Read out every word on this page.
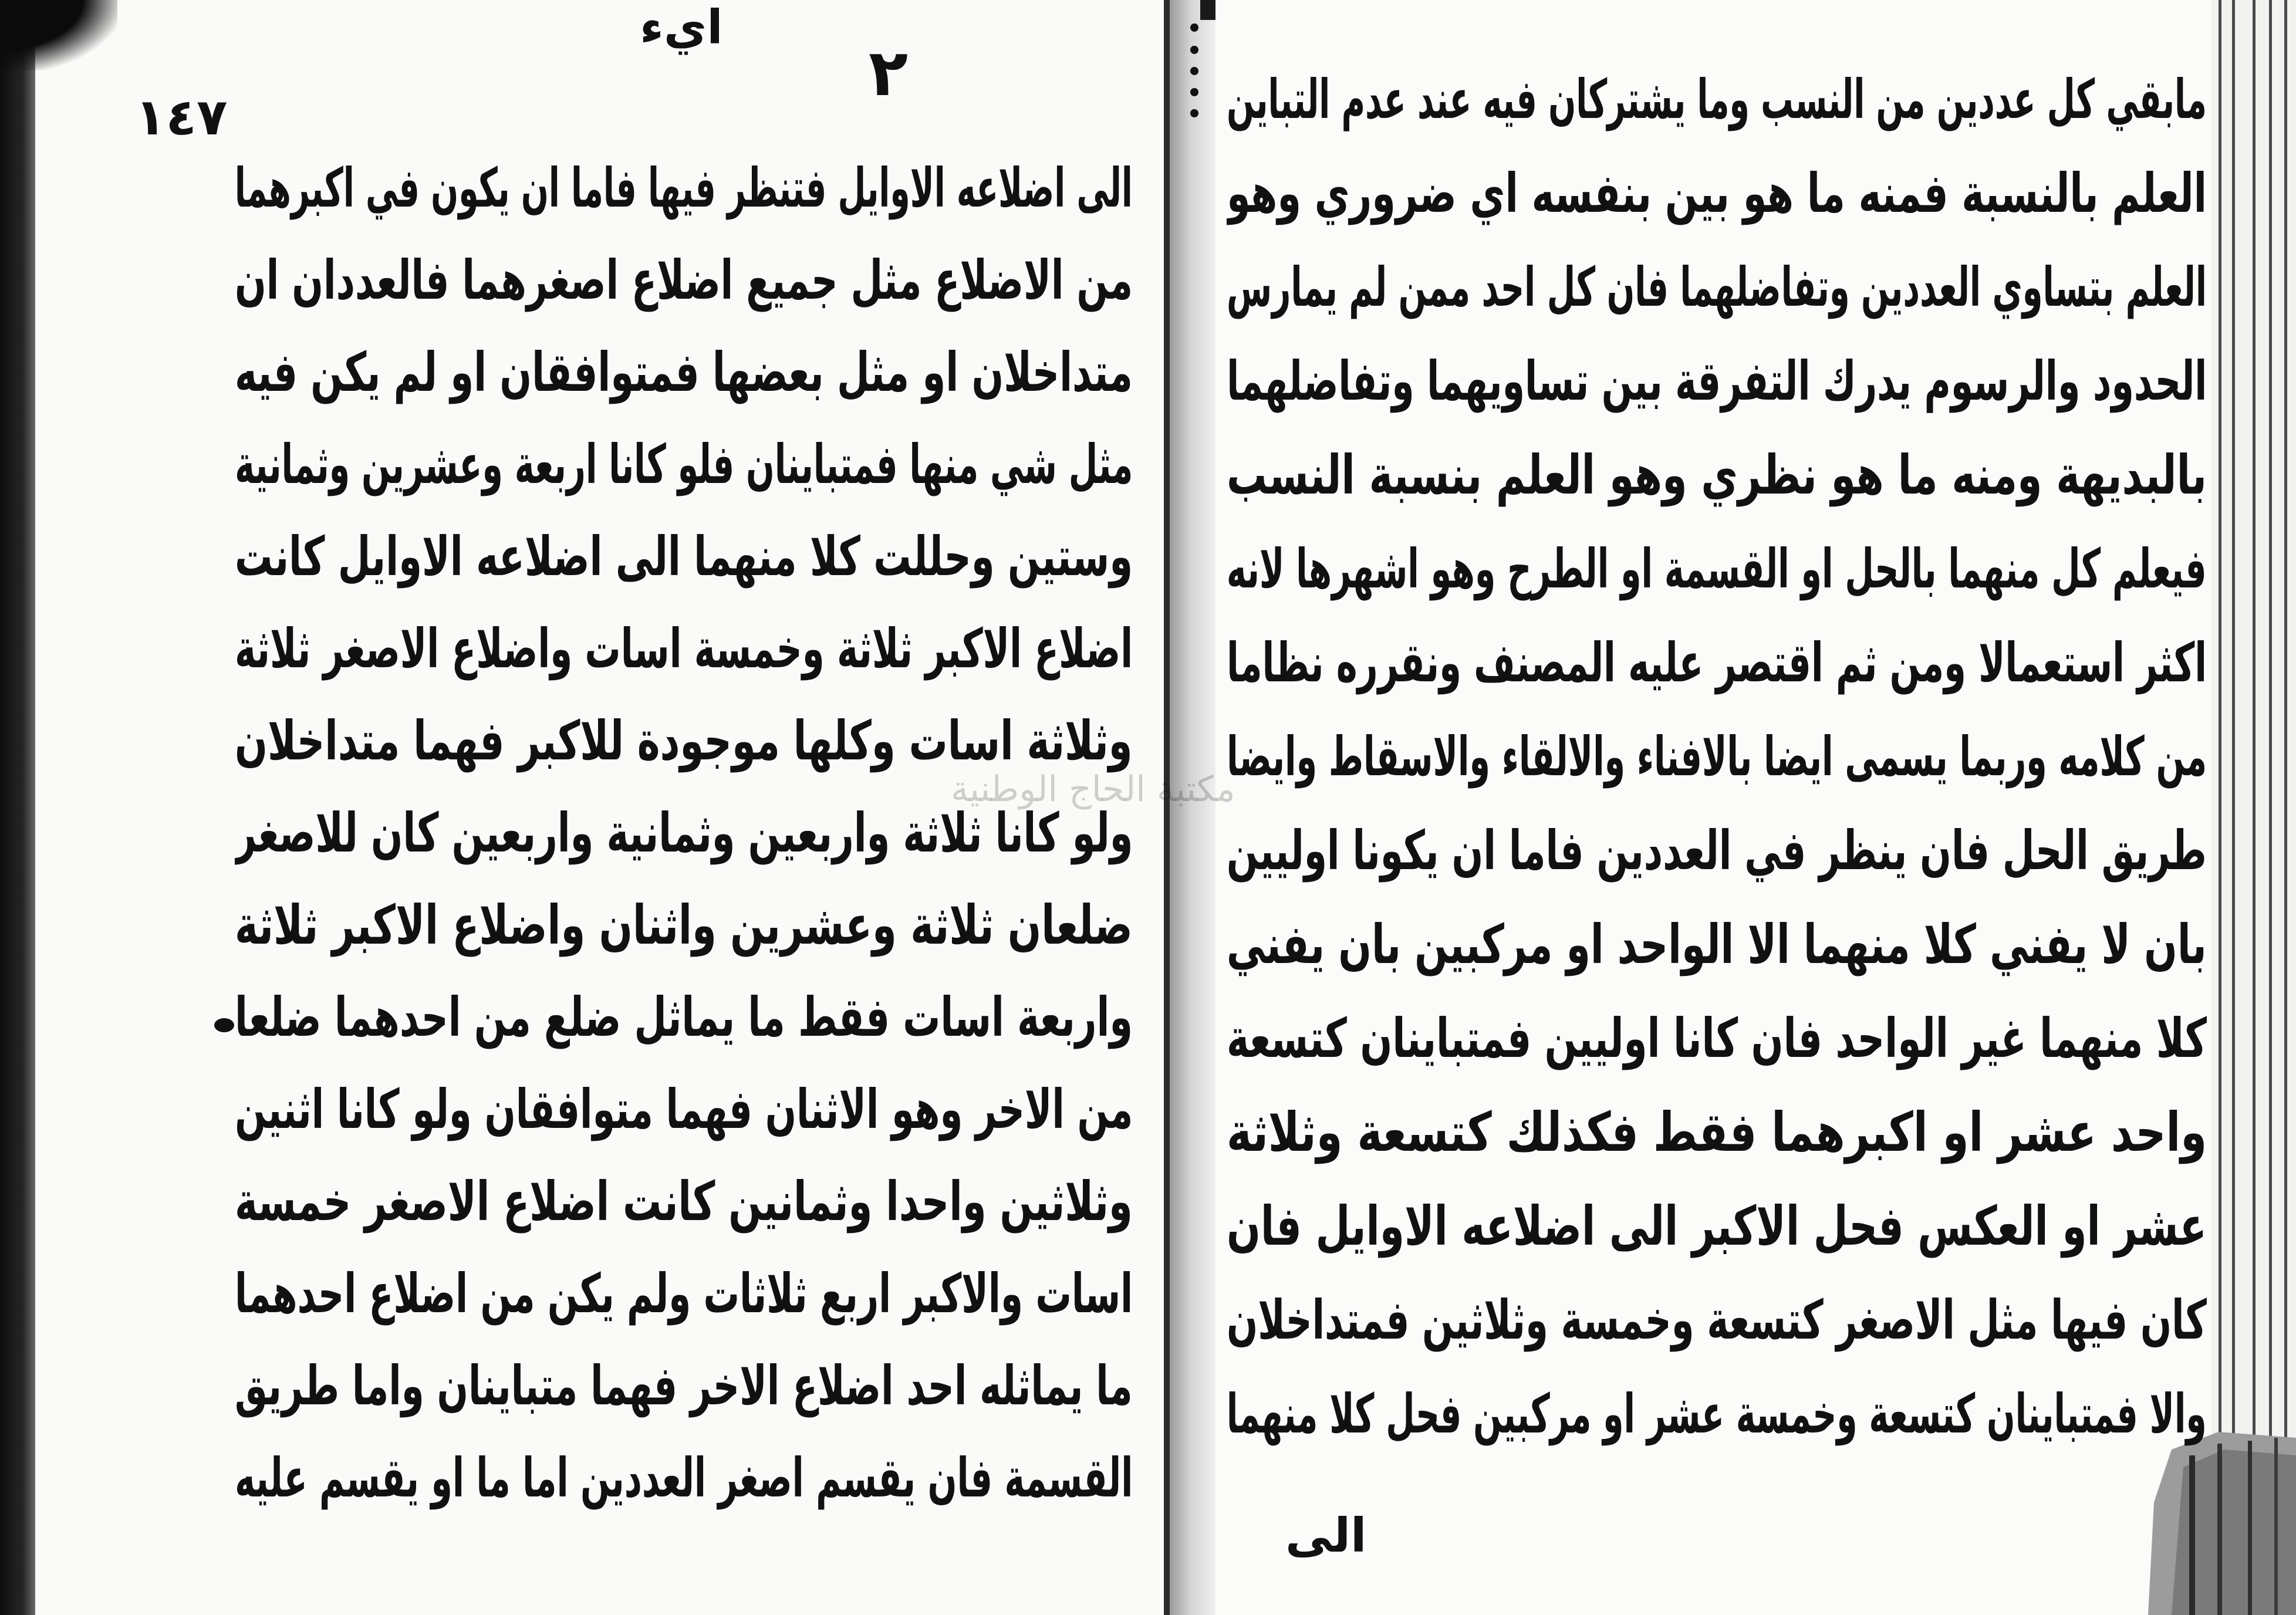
١٤٧
ايء
٢	مابقي كل عددين من النسب وما يشتركان فيه عند عدم التباين
العلم بالنسبة فمنه ما هو بين بنفسه اي ضروري وهو
العلم بتساوي العددين وتفاضلهما فان كل احد ممن لم يمارس
الحدود والرسوم يدرك التفرقة بين تساويهما وتفاضلهما
بالبديهة ومنه ما هو نظري وهو العلم بنسبة النسب
فيعلم كل منهما بالحل او القسمة او الطرح وهو اشهرها لانه
اكثر استعمالا ومن ثم اقتصر عليه المصنف ونقرره نظاما
من كلامه وربما يسمى ايضا بالافناء والالقاء والاسقاط وايضا
طريق الحل فان ينظر في العددين فاما ان يكونا اوليين
بان لا يفني كلا منهما الا الواحد او مركبين بان يفني
كلا منهما غير الواحد فان كانا اوليين فمتباينان كتسعة
واحد عشر او اكبرهما فقط فكذلك كتسعة وثلاثة
عشر او العكس فحل الاكبر الى اضلاعه الاوايل فان
كان فيها مثل الاصغر كتسعة وخمسة وثلاثين فمتداخلان
والا فمتباينان كتسعة وخمسة عشر او مركبين فحل كلا منهما
الى
الى اضلاعه الاوايل فتنظر فيها فاما ان يكون في اكبرهما
من الاضلاع مثل جميع اضلاع اصغرهما فالعددان ان
متداخلان او مثل بعضها فمتوافقان او لم يكن فيه
مثل شي منها فمتباينان فلو كانا اربعة وعشرين وثمانية
وستين وحللت كلا منهما الى اضلاعه الاوايل كانت
اضلاع الاكبر ثلاثة وخمسة اسات واضلاع الاصغر ثلاثة
وثلاثة اسات وكلها موجودة للاكبر فهما متداخلان
ولو كانا ثلاثة واربعين وثمانية واربعين كان للاصغر
ضلعان ثلاثة وعشرين واثنان واضلاع الاكبر ثلاثة
واربعة اسات فقط ما يماثل ضلع من احدهما ضلعا
من الاخر وهو الاثنان فهما متوافقان ولو كانا اثنين
وثلاثين واحدا وثمانين كانت اضلاع الاصغر خمسة
اسات والاكبر اربع ثلاثات ولم يكن من اضلاع احدهما
ما يماثله احد اضلاع الاخر فهما متباينان واما طريق
القسمة فان يقسم اصغر العددين اما ما او يقسم عليه
مكتبة الحاج الوطنية
